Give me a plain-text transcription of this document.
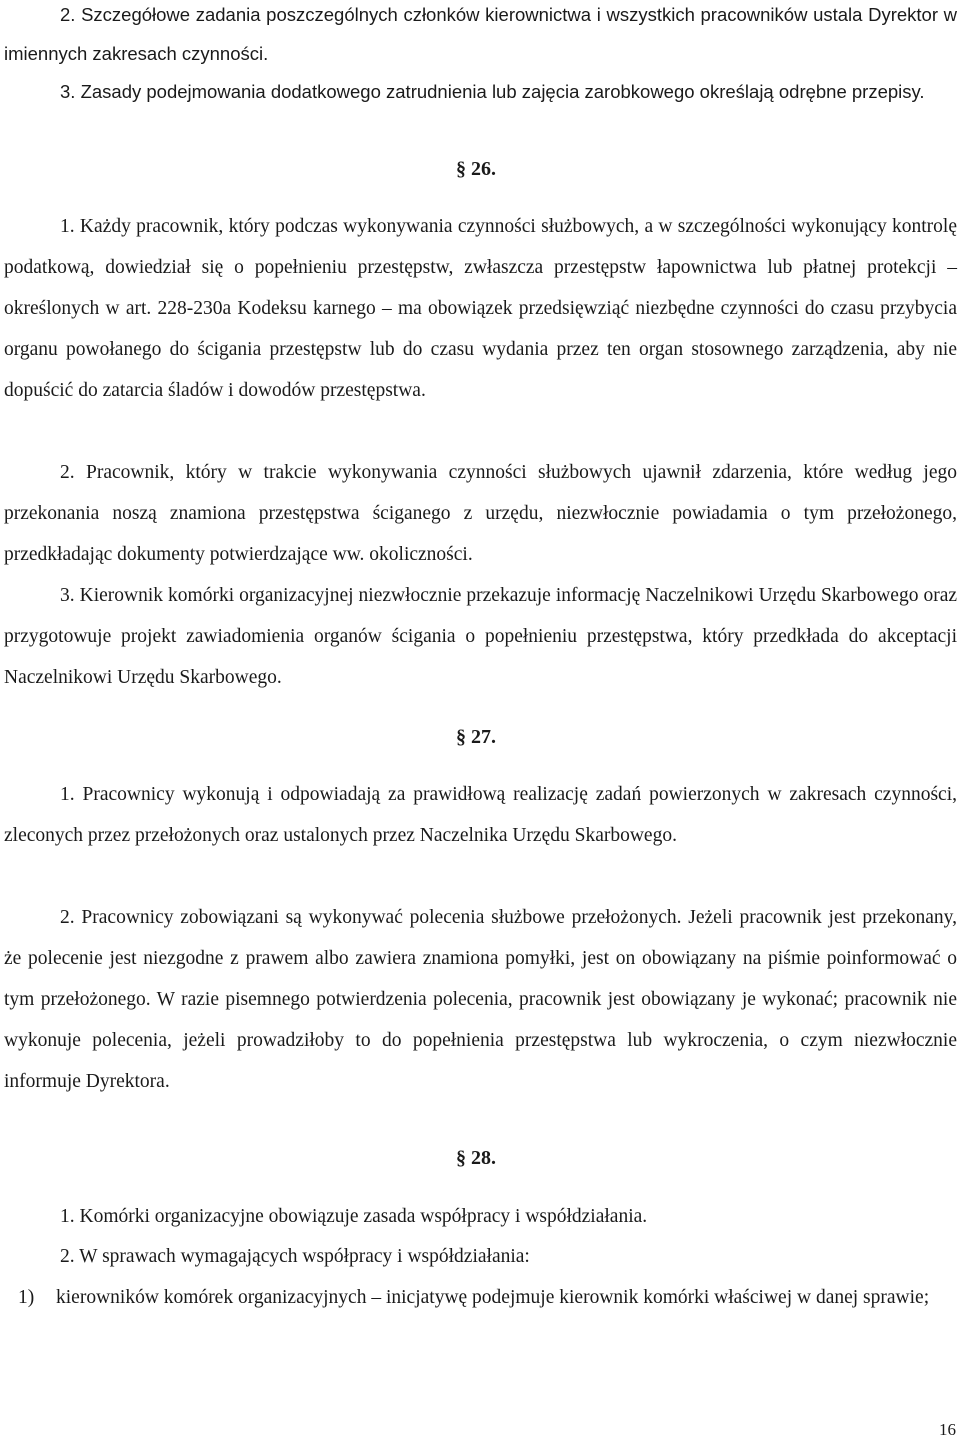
2. Szczegółowe zadania poszczególnych członków kierownictwa i wszystkich pracowników ustala Dyrektor w imiennych zakresach czynności.
3. Zasady podejmowania dodatkowego zatrudnienia lub zajęcia zarobkowego określają odrębne przepisy.
§ 26.
1. Każdy pracownik, który podczas wykonywania czynności służbowych, a w szczególności wykonujący kontrolę podatkową, dowiedział się o popełnieniu przestępstw, zwłaszcza przestępstw łapownictwa lub płatnej protekcji – określonych w art. 228-230a Kodeksu karnego – ma obowiązek przedsięwziąć niezbędne czynności do czasu przybycia organu powołanego do ścigania przestępstw lub do czasu wydania przez ten organ stosownego zarządzenia, aby nie dopuścić do zatarcia śladów i dowodów przestępstwa.
2. Pracownik, który w trakcie wykonywania czynności służbowych ujawnił zdarzenia, które według jego przekonania noszą znamiona przestępstwa ściganego z urzędu, niezwłocznie powiadamia o tym przełożonego, przedkładając dokumenty potwierdzające ww. okoliczności.
3. Kierownik komórki organizacyjnej niezwłocznie przekazuje informację Naczelnikowi Urzędu Skarbowego oraz przygotowuje projekt zawiadomienia organów ścigania o popełnieniu przestępstwa, który przedkłada do akceptacji Naczelnikowi Urzędu Skarbowego.
§ 27.
1. Pracownicy wykonują i odpowiadają za prawidłową realizację zadań powierzonych w zakresach czynności, zleconych przez przełożonych oraz ustalonych przez Naczelnika Urzędu Skarbowego.
2. Pracownicy zobowiązani są wykonywać polecenia służbowe przełożonych. Jeżeli pracownik jest przekonany, że polecenie jest niezgodne z prawem albo zawiera znamiona pomyłki, jest on obowiązany na piśmie poinformować o tym przełożonego. W razie pisemnego potwierdzenia polecenia, pracownik jest obowiązany je wykonać; pracownik nie wykonuje polecenia, jeżeli prowadziłoby to do popełnienia przestępstwa lub wykroczenia, o czym niezwłocznie informuje Dyrektora.
§ 28.
1. Komórki organizacyjne obowiązuje zasada współpracy i współdziałania.
2. W sprawach wymagających współpracy i współdziałania:
1) kierowników komórek organizacyjnych – inicjatywę podejmuje kierownik komórki właściwej w danej sprawie;
16
